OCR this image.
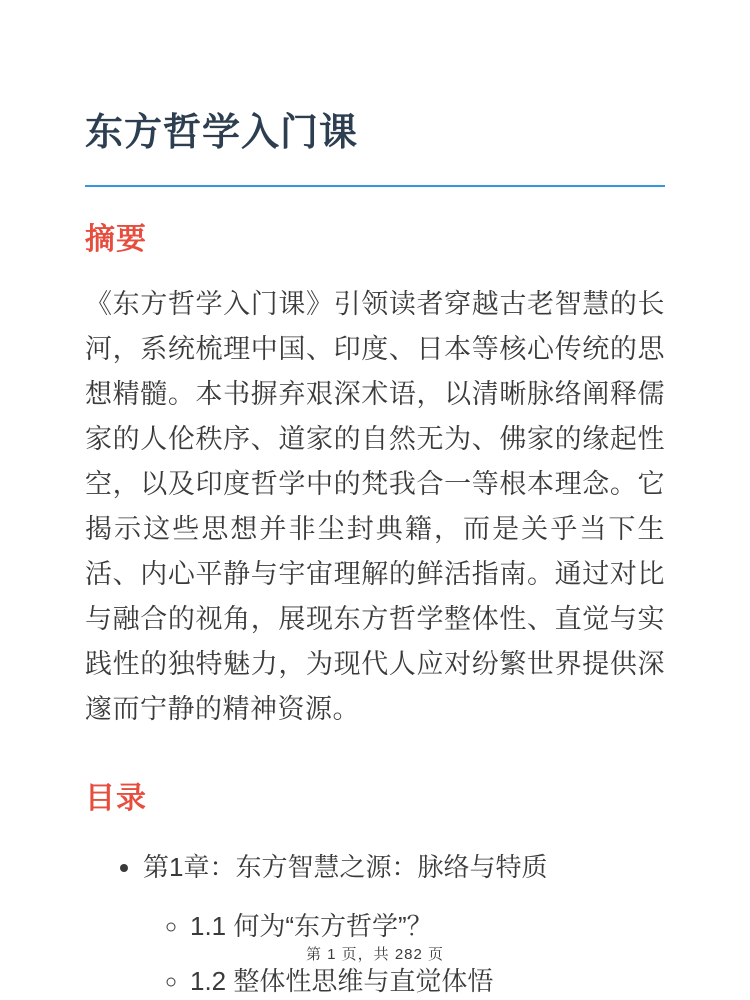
东方哲学入门课
摘要

《东方哲学入门课》引领读者穿越古老智慧的长河，系统梳理中国、印度、日本等核心传统的思想精髓。本书摒弃艰深术语，以清晰脉络阐释儒家的人伦秩序、道家的自然无为、佛家的缘起性空，以及印度哲学中的梵我合一等根本理念。它揭示这些思想并非尘封典籍，而是关乎当下生活、内心平静与宇宙理解的鲜活指南。通过对比与融合的视角，展现东方哲学整体性、直觉与实践性的独特魅力，为现代人应对纷繁世界提供深邃而宁静的精神资源。

目录
• 第1章：东方智慧之源：脉络与特质
◦ 1.1 何为“东方哲学”？
◦ 1.2 整体性思维与直觉体悟
第 1 页，共 282 页
